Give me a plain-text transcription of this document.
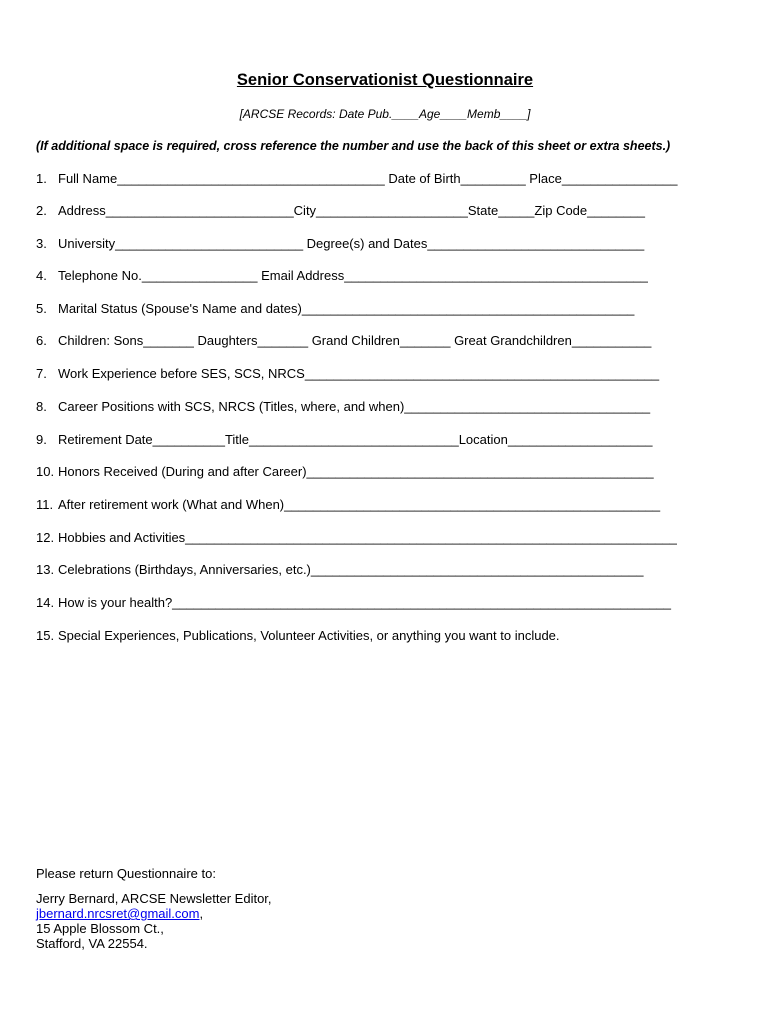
Senior Conservationist Questionnaire
[ARCSE Records: Date Pub.____Age____Memb____]
(If additional space is required, cross reference the number and use the back of this sheet or extra sheets.)
1. Full Name_____________________________________ Date of Birth_________ Place________________
2. Address__________________________City_____________________State_____Zip Code________
3. University__________________________ Degree(s) and Dates______________________________
4. Telephone No.________________ Email Address__________________________________________
5. Marital Status (Spouse's Name and dates)______________________________________________
6. Children: Sons_______ Daughters_______ Grand Children_______ Great Grandchildren___________
7. Work Experience before SES, SCS, NRCS_________________________________________________
8. Career Positions with SCS, NRCS (Titles, where, and when)__________________________________
9. Retirement Date__________Title_____________________________Location____________________
10. Honors Received (During and after Career)________________________________________________
11. After retirement work (What and When)____________________________________________________
12. Hobbies and Activities____________________________________________________________________
13. Celebrations (Birthdays, Anniversaries, etc.)______________________________________________
14. How is your health?_____________________________________________________________________
15. Special Experiences, Publications, Volunteer Activities, or anything you want to include.
Please return Questionnaire to:
Jerry Bernard, ARCSE Newsletter Editor,
jbernard.nrcsret@gmail.com,
15 Apple Blossom Ct.,
Stafford, VA 22554.
